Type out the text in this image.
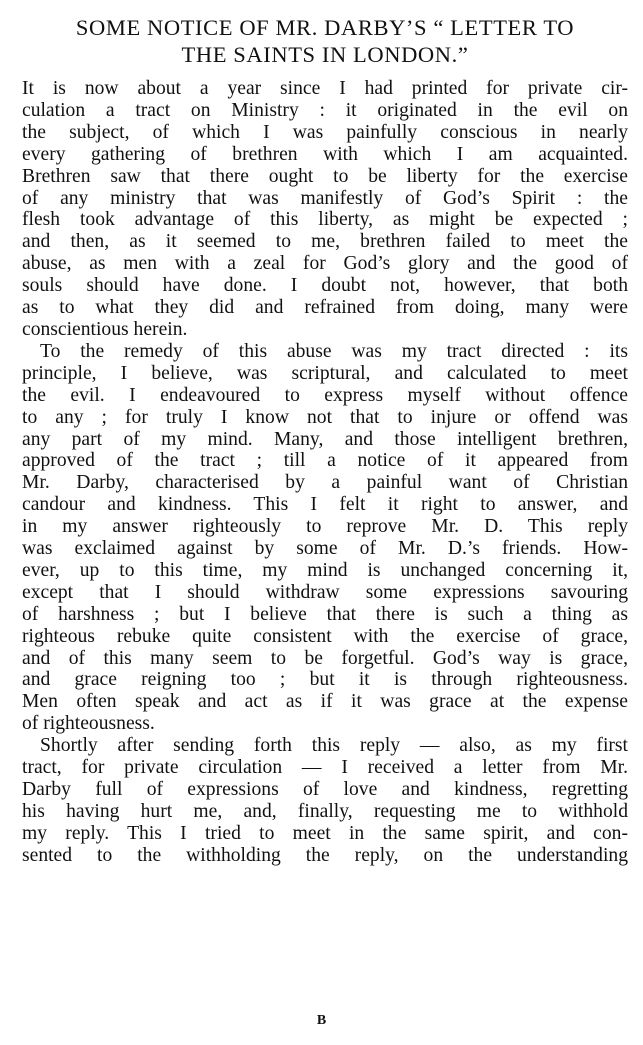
SOME NOTICE OF MR. DARBY’S “ LETTER TO
THE SAINTS IN LONDON.”
It is now about a year since I had printed for private cir-
culation a tract on Ministry : it originated in the evil on
the subject, of which I was painfully conscious in nearly
every gathering of brethren with which I am acquainted.
Brethren saw that there ought to be liberty for the exercise
of any ministry that was manifestly of God’s Spirit : the
flesh took advantage of this liberty, as might be expected ;
and then, as it seemed to me, brethren failed to meet the
abuse, as men with a zeal for God’s glory and the good of
souls should have done. I doubt not, however, that both
as to what they did and refrained from doing, many were
conscientious herein.
To the remedy of this abuse was my tract directed : its
principle, I believe, was scriptural, and calculated to meet
the evil. I endeavoured to express myself without offence
to any ; for truly I know not that to injure or offend was
any part of my mind. Many, and those intelligent brethren,
approved of the tract ; till a notice of it appeared from
Mr. Darby, characterised by a painful want of Christian
candour and kindness. This I felt it right to answer, and
in my answer righteously to reprove Mr. D. This reply
was exclaimed against by some of Mr. D.’s friends. How-
ever, up to this time, my mind is unchanged concerning it,
except that I should withdraw some expressions savouring
of harshness ; but I believe that there is such a thing as
righteous rebuke quite consistent with the exercise of grace,
and of this many seem to be forgetful. God’s way is grace,
and grace reigning too ; but it is through righteousness.
Men often speak and act as if it was grace at the expense
of righteousness.
Shortly after sending forth this reply — also, as my first
tract, for private circulation — I received a letter from Mr.
Darby full of expressions of love and kindness, regretting
his having hurt me, and, finally, requesting me to withhold
my reply. This I tried to meet in the same spirit, and con-
sented to the withholding the reply, on the understanding
B
